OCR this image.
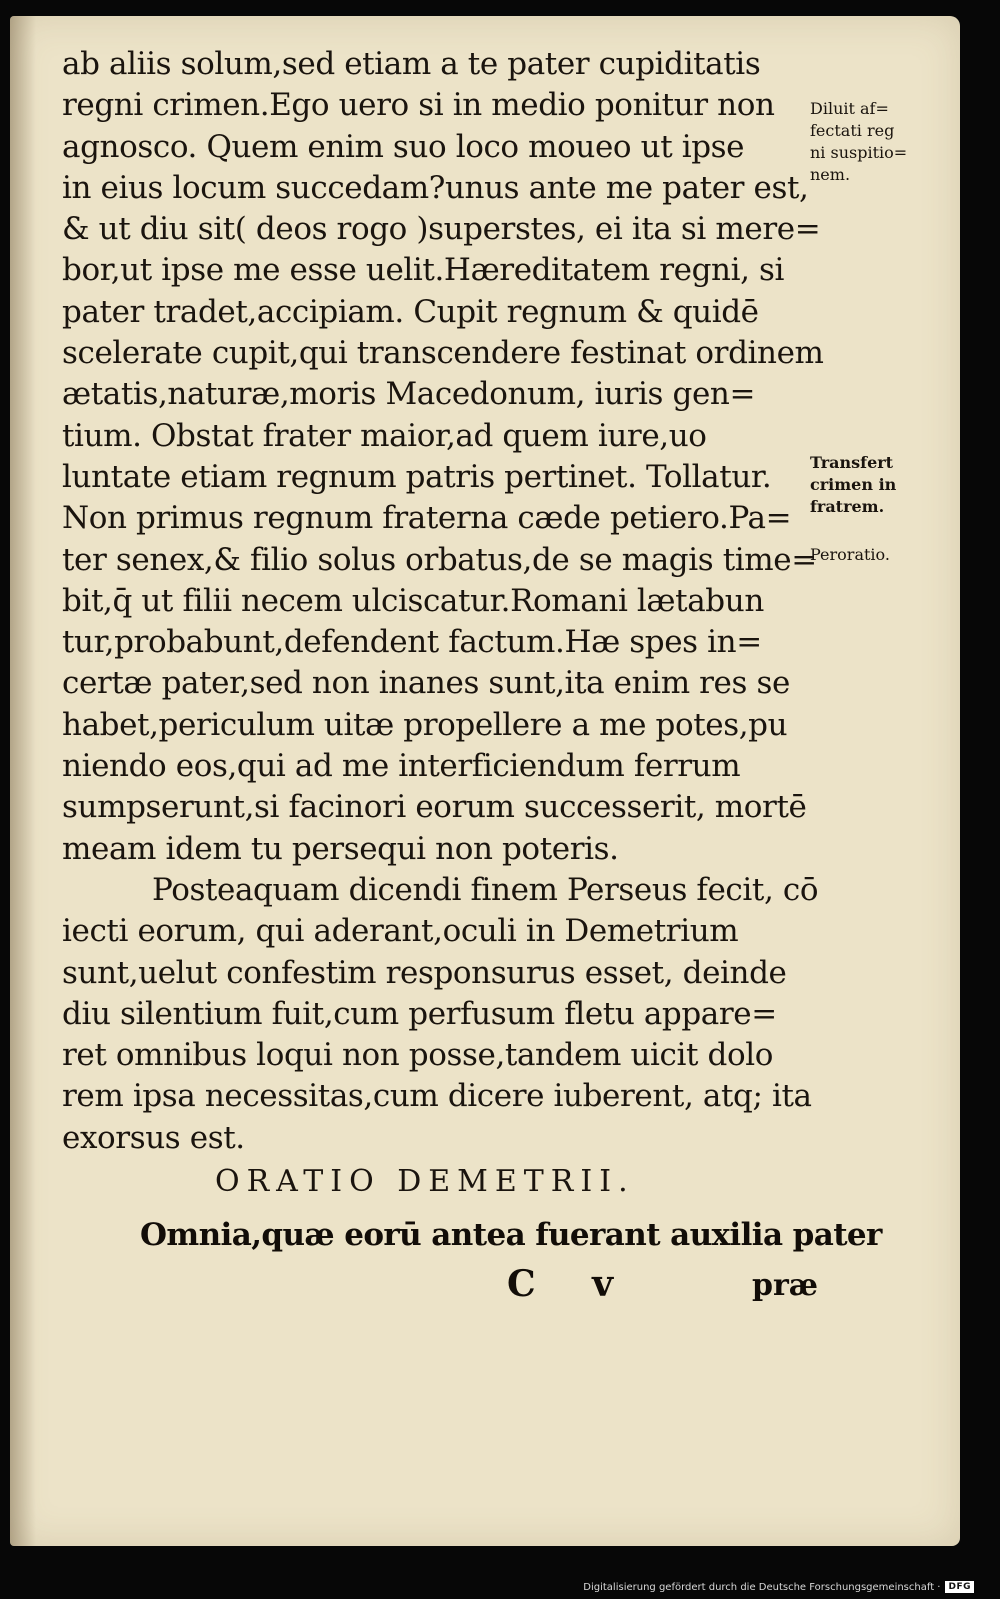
ab aliis solum,sed etiam a te pater cupiditatis
regni crimen.Ego uero si in medio ponitur non
agnosco. Quem enim suo loco moueo ut ipse
in eius locum succedam?unus ante me pater est,
& ut diu sit( deos rogo )superstes, ei ita si mere=
bor,ut ipse me esse uelit.Hæreditatem regni, si
pater tradet,accipiam. Cupit regnum & quidē
scelerate cupit,qui transcendere festinat ordinem
ætatis,naturæ,moris Macedonum, iuris gen=
tium. Obstat frater maior,ad quem iure,uo
luntate etiam regnum patris pertinet. Tollatur.
Non primus regnum fraterna cæde petiero.Pa=
ter senex,& filio solus orbatus,de se magis time=
bit,q̄ ut filii necem ulciscatur.Romani lætabun
tur,probabunt,defendent factum.Hæ spes in=
certæ pater,sed non inanes sunt,ita enim res se
habet,periculum uitæ propellere a me potes,pu
niendo eos,qui ad me interficiendum ferrum
sumpserunt,si facinori eorum successerit, mortē
meam idem tu persequi non poteris.
Posteaquam dicendi finem Perseus fecit, cō
iecti eorum, qui aderant,oculi in Demetrium
sunt,uelut confestim responsurus esset, deinde
diu silentium fuit,cum perfusum fletu appare=
ret omnibus loqui non posse,tandem uicit dolo
rem ipsa necessitas,cum dicere iuberent, atq; ita
exorsus est.
Diluit af=
fectati reg
ni suspitio=
nem.
Transfert
crimen in
fratrem.
Peroratio.
ORATIO DEMETRII.
Omnia,quæ eorū antea fuerant auxilia pater
C v	præ
Digitalisierung gefördert durch die Deutsche Forschungsgemeinschaft · DFG
